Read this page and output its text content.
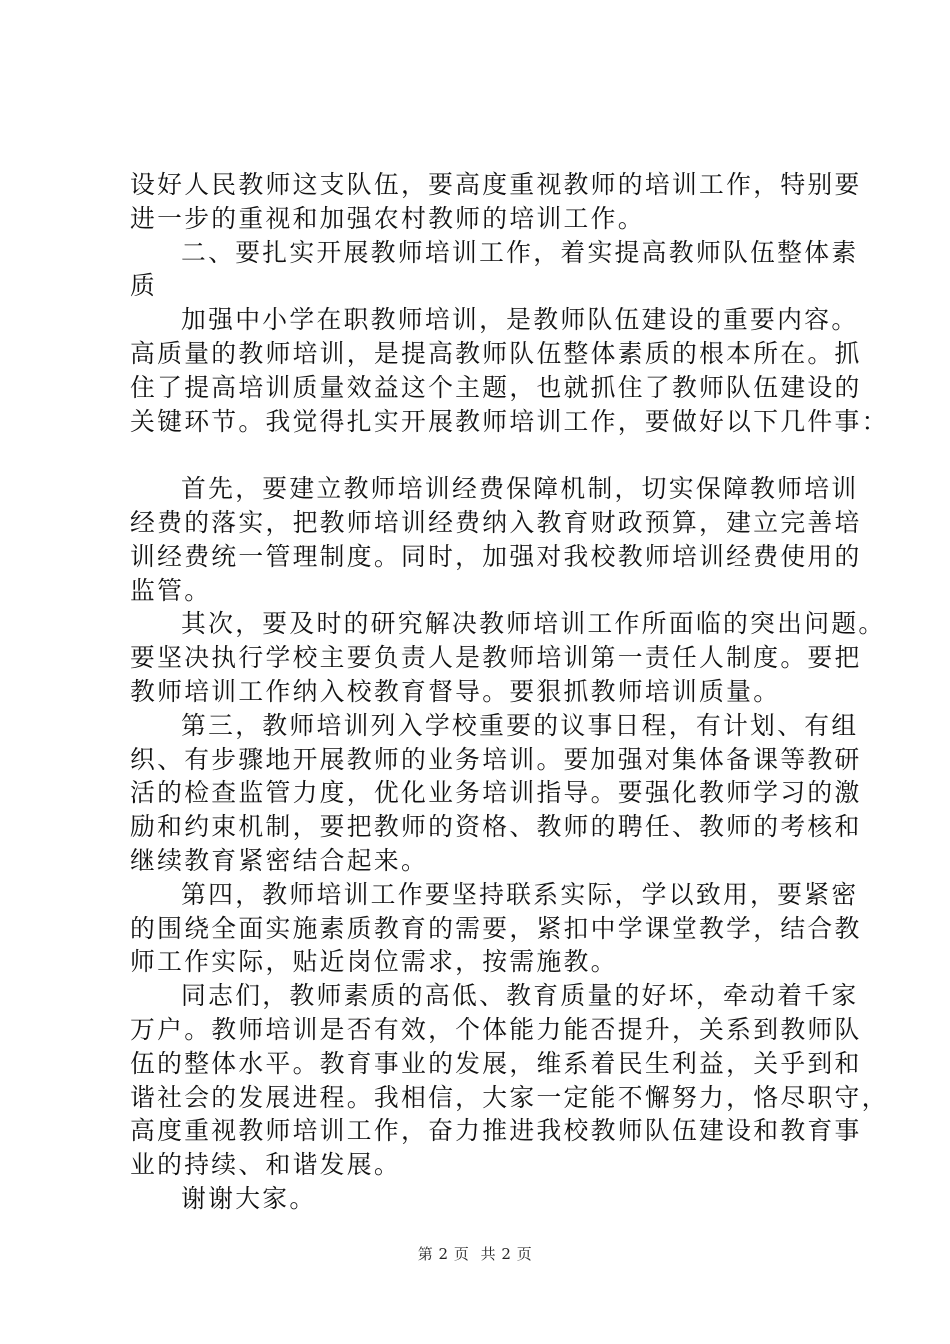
设好人民教师这支队伍，要高度重视教师的培训工作，特别要
进一步的重视和加强农村教师的培训工作。
二、要扎实开展教师培训工作，着实提高教师队伍整体素
质
加强中小学在职教师培训，是教师队伍建设的重要内容。
高质量的教师培训，是提高教师队伍整体素质的根本所在。抓
住了提高培训质量效益这个主题，也就抓住了教师队伍建设的
关键环节。我觉得扎实开展教师培训工作，要做好以下几件事：
首先，要建立教师培训经费保障机制，切实保障教师培训
经费的落实，把教师培训经费纳入教育财政预算，建立完善培
训经费统一管理制度。同时，加强对我校教师培训经费使用的
监管。
其次，要及时的研究解决教师培训工作所面临的突出问题。
要坚决执行学校主要负责人是教师培训第一责任人制度。要把
教师培训工作纳入校教育督导。要狠抓教师培训质量。
第三，教师培训列入学校重要的议事日程，有计划、有组
织、有步骤地开展教师的业务培训。要加强对集体备课等教研
活的检查监管力度，优化业务培训指导。要强化教师学习的激
励和约束机制，要把教师的资格、教师的聘任、教师的考核和
继续教育紧密结合起来。
第四，教师培训工作要坚持联系实际，学以致用，要紧密
的围绕全面实施素质教育的需要，紧扣中学课堂教学，结合教
师工作实际，贴近岗位需求，按需施教。
同志们，教师素质的高低、教育质量的好坏，牵动着千家
万户。教师培训是否有效，个体能力能否提升，关系到教师队
伍的整体水平。教育事业的发展，维系着民生利益，关乎到和
谐社会的发展进程。我相信，大家一定能不懈努力，恪尽职守，
高度重视教师培训工作，奋力推进我校教师队伍建设和教育事
业的持续、和谐发展。
谢谢大家。
第 2 页 共 2 页
